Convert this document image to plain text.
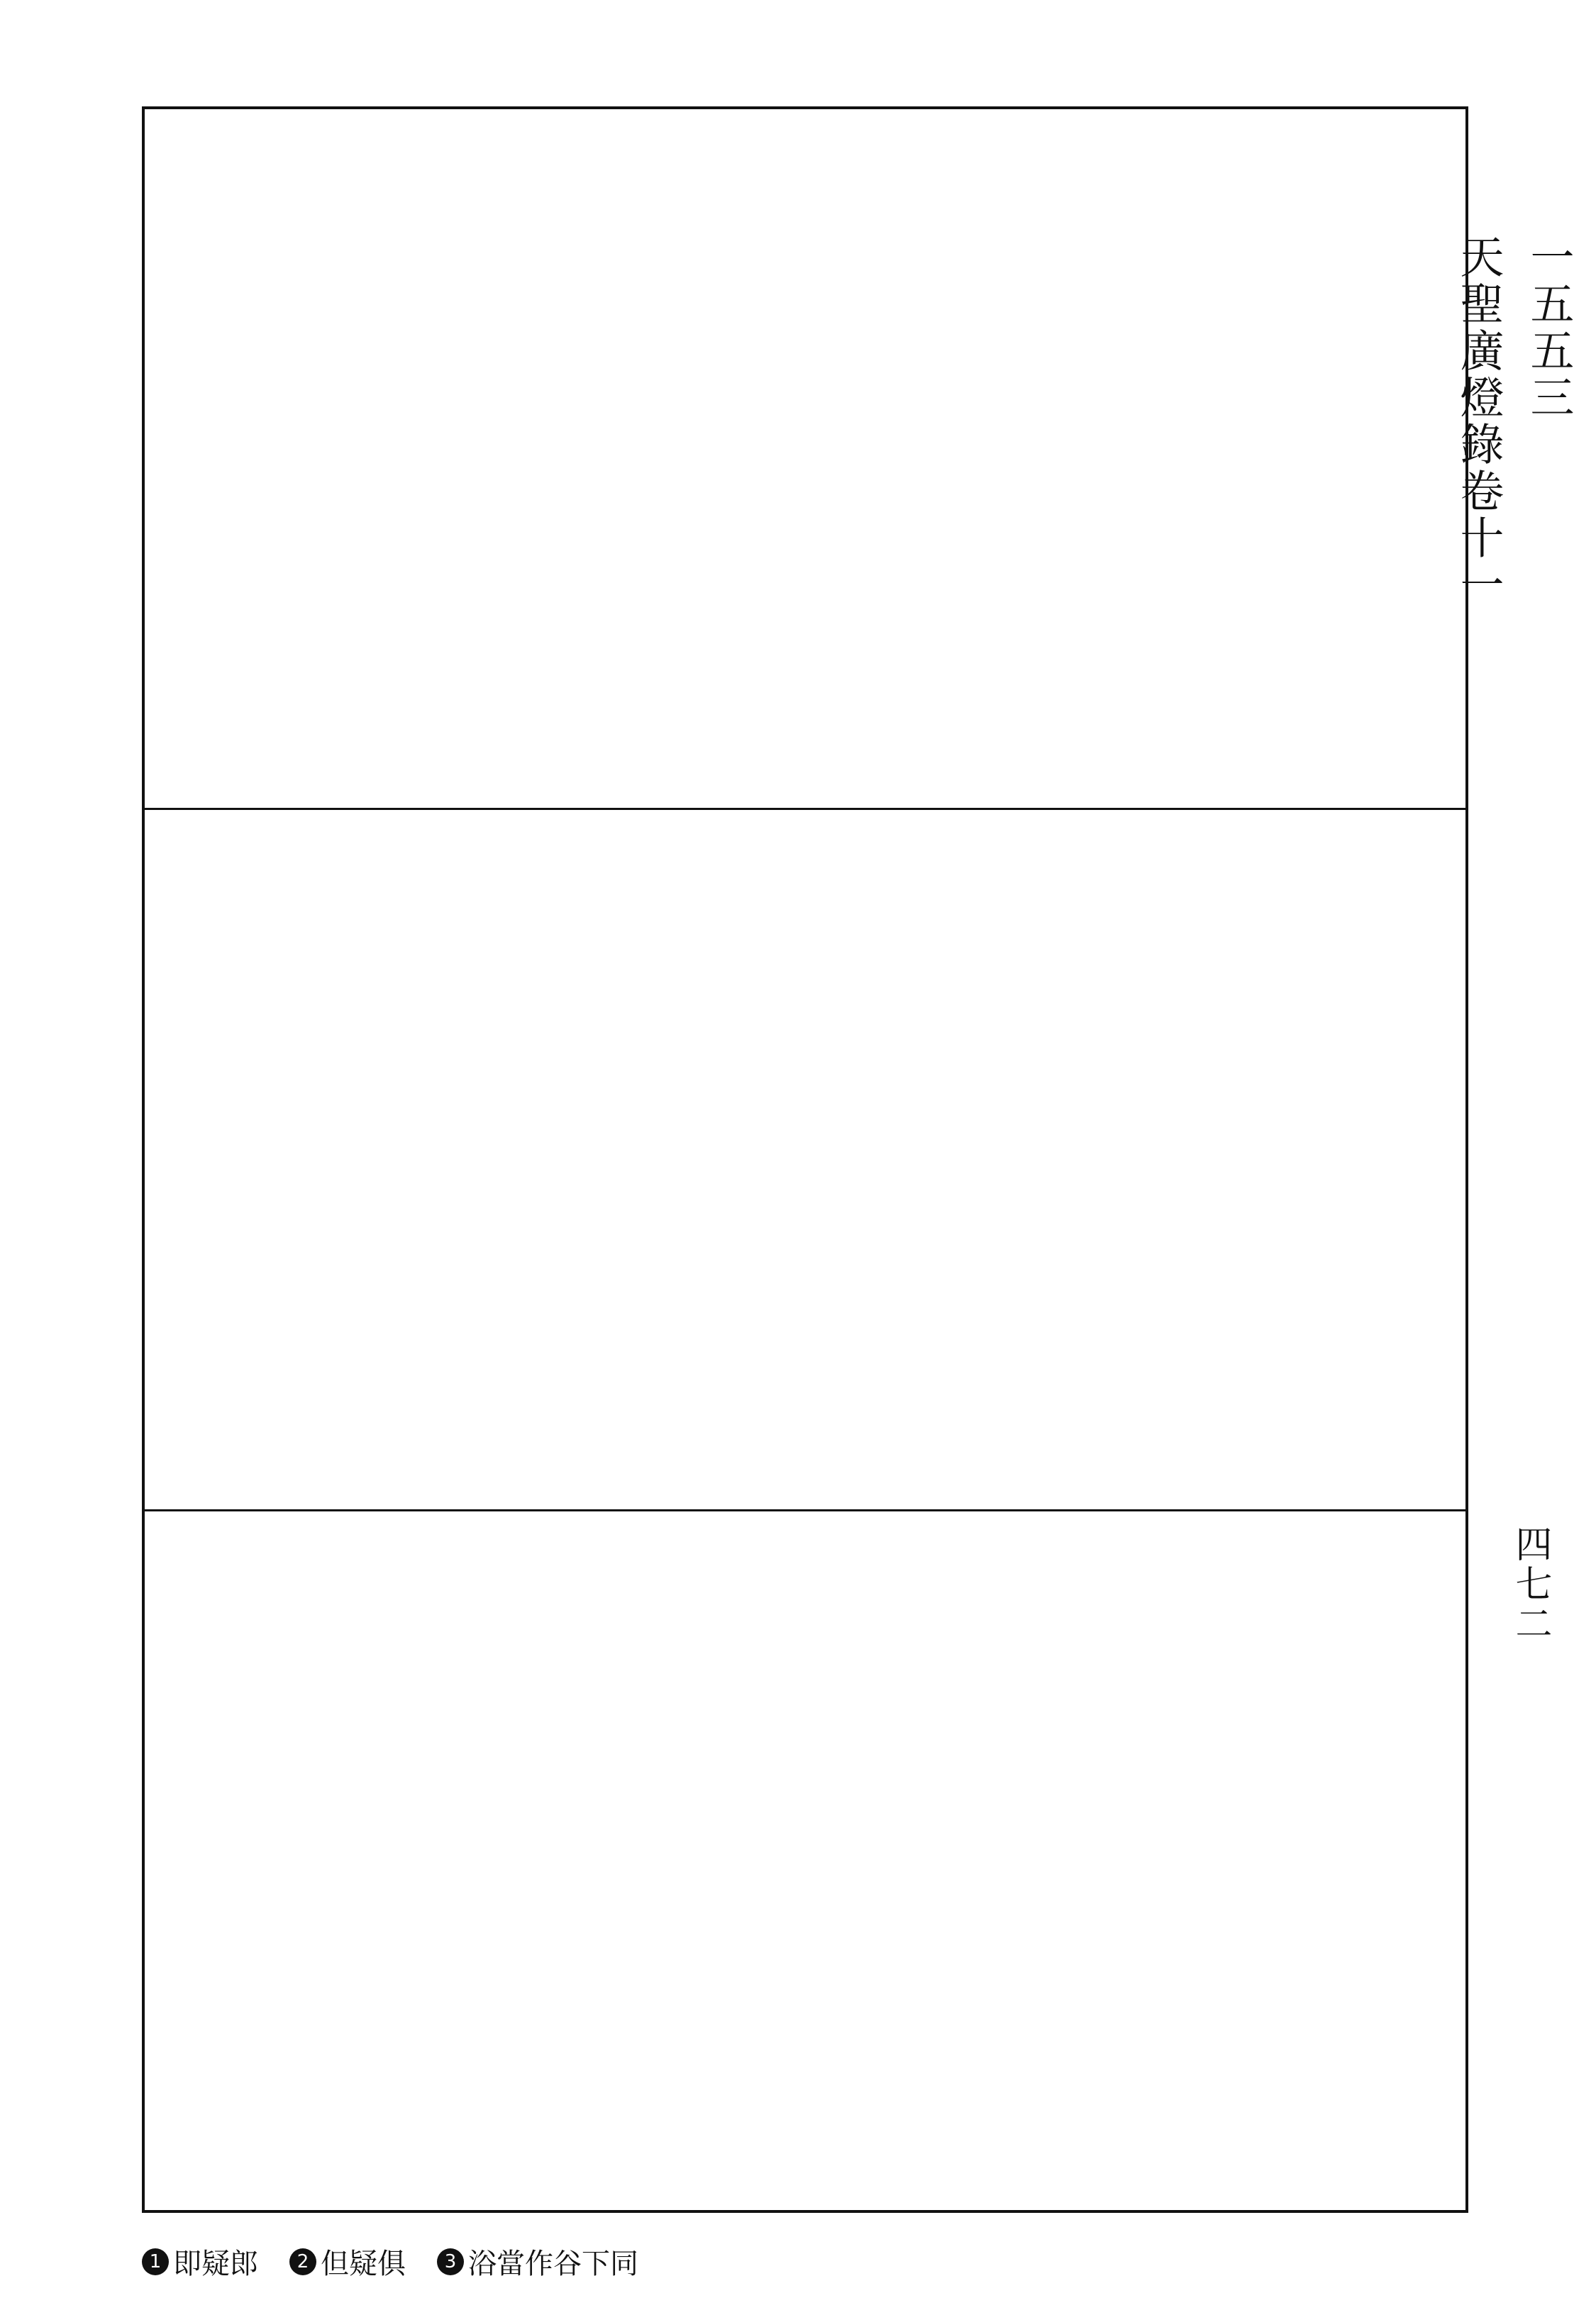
一五五三
天聖廣燈錄卷十一
四七二
1 即疑郎	2 但疑俱	3 浴當作谷下同
